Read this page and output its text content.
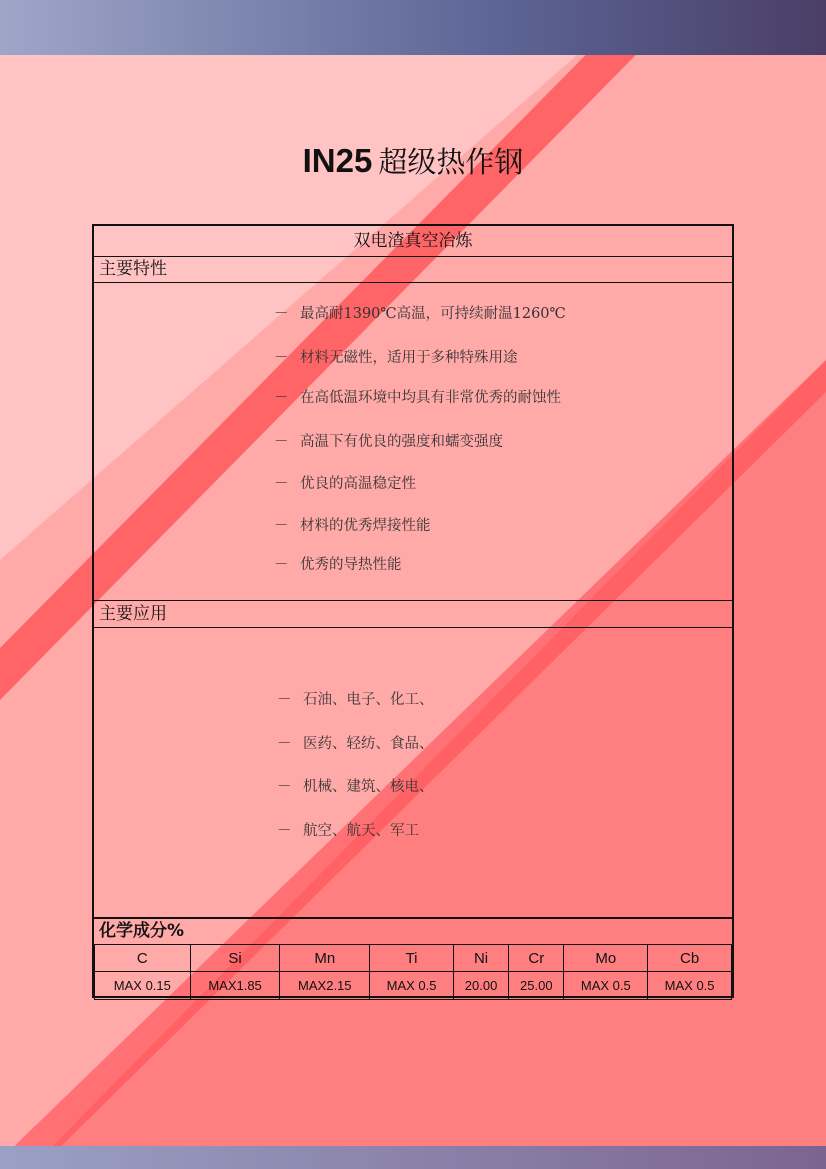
IN25 超级热作钢
双电渣真空冶炼
主要特性
－ 最高耐1390℃高温，可持续耐温1260℃
－ 材料无磁性，适用于多种特殊用途
－ 在高低温环境中均具有非常优秀的耐蚀性
－ 高温下有优良的强度和蠕变强度
－ 优良的高温稳定性
－ 材料的优秀焊接性能
－ 优秀的导热性能
主要应用
－ 石油、电子、化工、
－ 医药、轻纺、食品、
－ 机械、建筑、核电、
－ 航空、航天、军工
化学成分%
C	Si	Mn	Ti	Ni	Cr	Mo	Cb
MAX 0.15	MAX1.85	MAX2.15	MAX 0.5	20.00	25.00	MAX 0.5	MAX 0.5
